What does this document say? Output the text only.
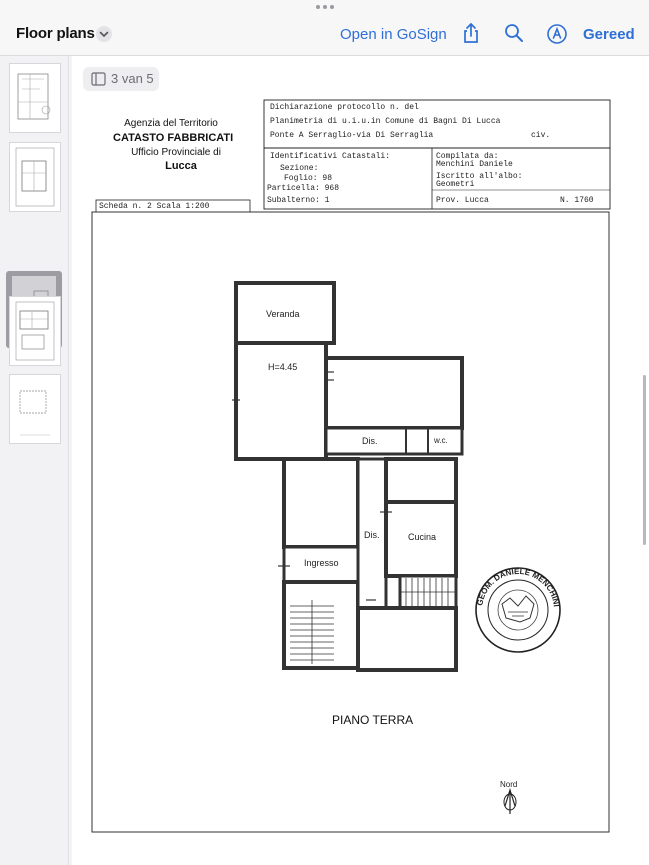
Floor plans	Open in GoSign	Gereed
3 van 5
Agenzia del Territorio
CATASTO FABBRICATI
Ufficio Provinciale di
Lucca
GEOM. DANIELE MENCHINI
Dichiarazione protocollo n. del
Planimetria di u.i.u.in Comune di Bagni Di Lucca
Ponte A Serraglio-via Di Serraglia	civ.
Identificativi Catastali:
Sezione:
Foglio: 98
Particella: 968
Subalterno: 1
Compilata da:
Menchini Daniele
Iscritto all'albo:
Geometri
Prov. Lucca	N. 1760
Scheda n. 2 Scala 1:200
Veranda
H=4.45
Dis.	w.c.
Dis.	Cucina
Ingresso
PIANO TERRA
Nord
